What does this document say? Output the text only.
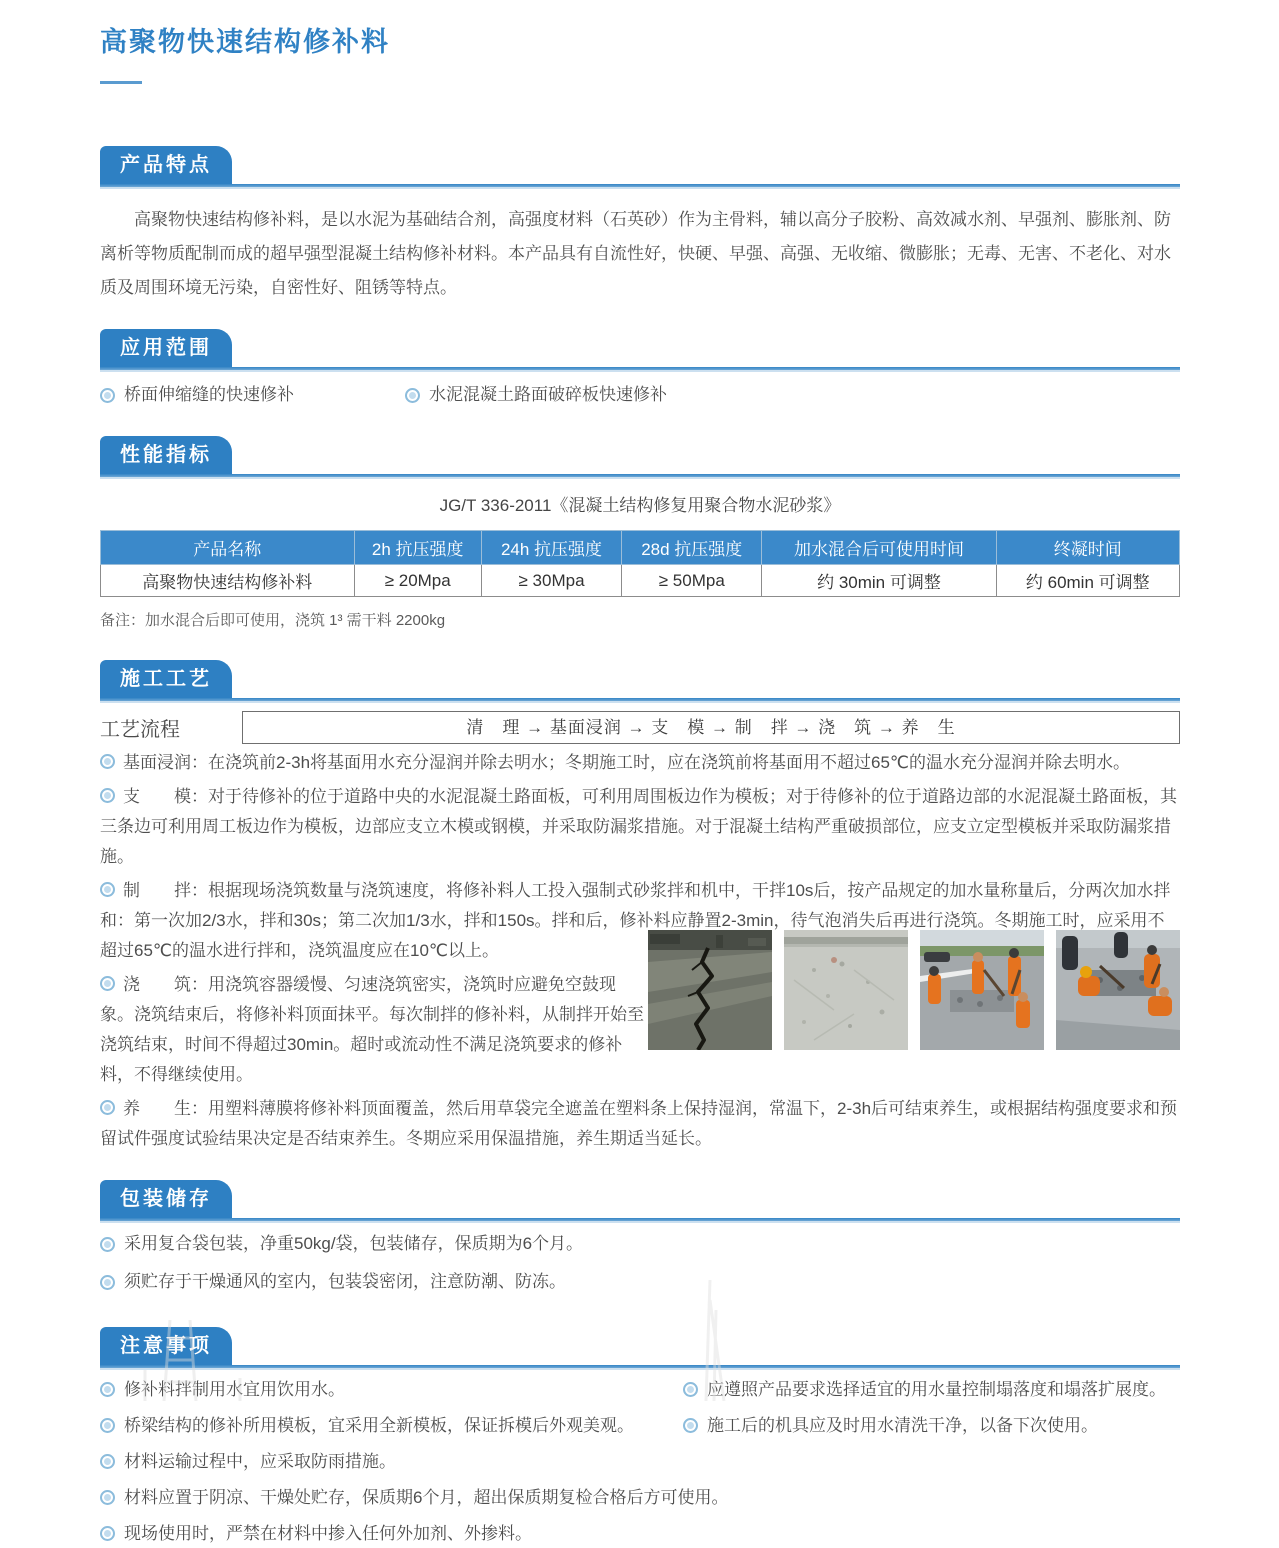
高聚物快速结构修补料
产品特点

高聚物快速结构修补料，是以水泥为基础结合剂，高强度材料（石英砂）作为主骨料，辅以高分子胶粉、高效减水剂、早强剂、膨胀剂、防离析等物质配制而成的超早强型混凝土结构修补材料。本产品具有自流性好，快硬、早强、高强、无收缩、微膨胀；无毒、无害、不老化、对水质及周围环境无污染，自密性好、阻锈等特点。

应用范围
桥面伸缩缝的快速修补	水泥混凝土路面破碎板快速修补
性能指标
JG/T 336-2011《混凝土结构修复用聚合物水泥砂浆》
产品名称	2h 抗压强度	24h 抗压强度	28d 抗压强度	加水混合后可使用时间	终凝时间
高聚物快速结构修补料	≥ 20Mpa	≥ 30Mpa	≥ 50Mpa	约 30min 可调整	约 60min 可调整
备注：加水混合后即可使用，浇筑 1³ 需干料 2200kg
施工工艺
工艺流程	清　理 → 基面浸润 → 支　模 → 制　拌 → 浇　筑 → 养　生

基面浸润：在浇筑前2-3h将基面用水充分湿润并除去明水；冬期施工时，应在浇筑前将基面用不超过65℃的温水充分湿润并除去明水。

支　　模：对于待修补的位于道路中央的水泥混凝土路面板，可利用周围板边作为模板；对于待修补的位于道路边部的水泥混凝土路面板，其三条边可利用周工板边作为模板，边部应支立木模或钢模，并采取防漏浆措施。对于混凝土结构严重破损部位，应支立定型模板并采取防漏浆措施。

制　　拌：根据现场浇筑数量与浇筑速度，将修补料人工投入强制式砂浆拌和机中，干拌10s后，按产品规定的加水量称量后，分两次加水拌和：第一次加2/3水，拌和30s；第二次加1/3水，拌和150s。拌和后，修补料应静置2-3min，待气泡消失后再进行浇筑。冬期施工时，应采用不超过65℃的温水进行拌和，浇筑温度应在10℃以上。

浇　　筑：用浇筑容器缓慢、匀速浇筑密实，浇筑时应避免空鼓现象。浇筑结束后，将修补料顶面抹平。每次制拌的修补料，从制拌开始至浇筑结束，时间不得超过30min。超时或流动性不满足浇筑要求的修补料，不得继续使用。

养　　生：用塑料薄膜将修补料顶面覆盖，然后用草袋完全遮盖在塑料条上保持湿润，常温下，2-3h后可结束养生，或根据结构强度要求和预留试件强度试验结果决定是否结束养生。冬期应采用保温措施，养生期适当延长。

包装储存
采用复合袋包装，净重50kg/袋，包装储存，保质期为6个月。
须贮存于干燥通风的室内，包装袋密闭，注意防潮、防冻。
注意事项
修补料拌制用水宜用饮用水。	应遵照产品要求选择适宜的用水量控制塌落度和塌落扩展度。
桥梁结构的修补所用模板，宜采用全新模板，保证拆模后外观美观。	施工后的机具应及时用水清洗干净，以备下次使用。
材料运输过程中，应采取防雨措施。
材料应置于阴凉、干燥处贮存，保质期6个月，超出保质期复检合格后方可使用。
现场使用时，严禁在材料中掺入任何外加剂、外掺料。
